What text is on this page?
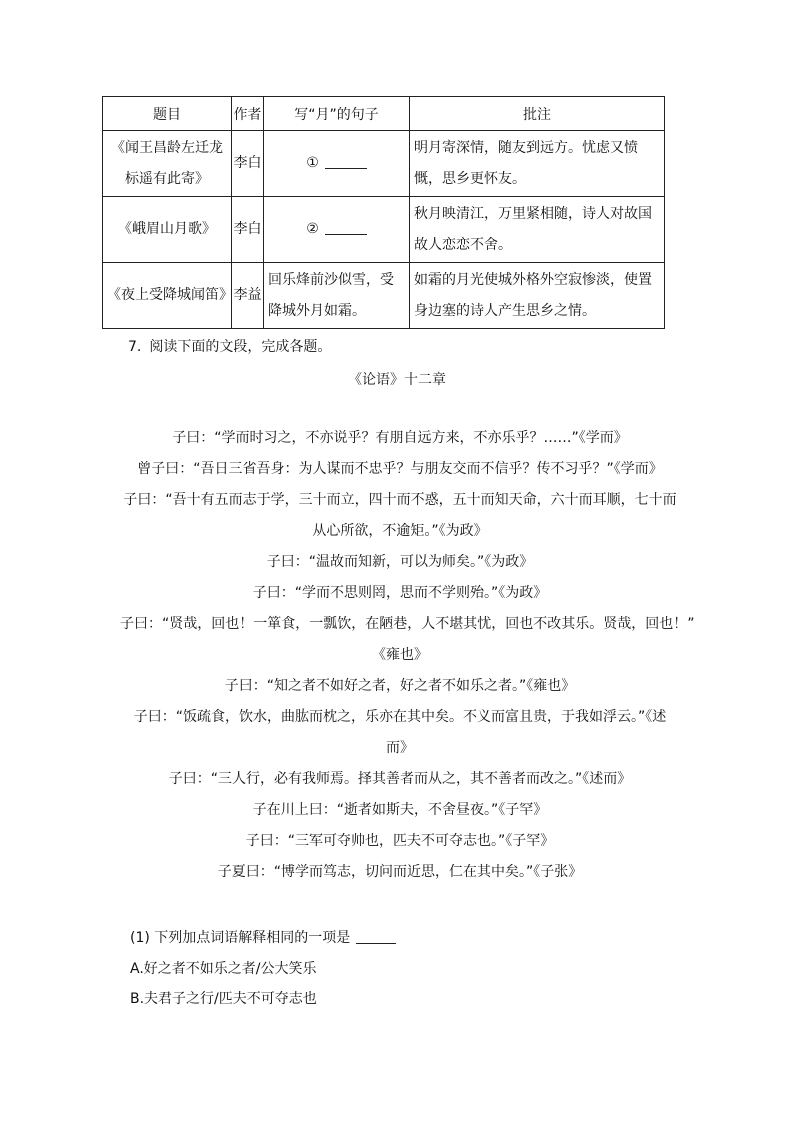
题目	作者	写“月”的句子	批注
《闻王昌龄左迁龙标遥有此寄》	李白	①	明月寄深情，随友到远方。忧虑又愤慨，思乡更怀友。
《峨眉山月歌》	李白	②	秋月映清江，万里紧相随，诗人对故国故人恋恋不舍。
《夜上受降城闻笛》	李益	回乐烽前沙似雪，受降城外月如霜。	如霜的月光使城外格外空寂惨淡，使置身边塞的诗人产生思乡之情。
7. 阅读下面的文段，完成各题。
《论语》十二章
子曰：“学而时习之，不亦说乎？有朋自远方来，不亦乐乎？……”《学而》
曾子曰：“吾日三省吾身：为人谋而不忠乎？与朋友交而不信乎？传不习乎？”《学而》
子曰：“吾十有五而志于学，三十而立，四十而不惑，五十而知天命，六十而耳顺，七十而
从心所欲，不逾矩。”《为政》
子曰：“温故而知新，可以为师矣。”《为政》
子曰：“学而不思则罔，思而不学则殆。”《为政》
子曰：“贤哉，回也！一箪食，一瓢饮，在陋巷，人不堪其忧，回也不改其乐。贤哉，回也！”
《雍也》
子曰：“知之者不如好之者，好之者不如乐之者。”《雍也》
子曰：“饭疏食，饮水，曲肱而枕之，乐亦在其中矣。不义而富且贵，于我如浮云。”《述
而》
子曰：“三人行，必有我师焉。择其善者而从之，其不善者而改之。”《述而》
子在川上曰：“逝者如斯夫，不舍昼夜。”《子罕》
子曰：“三军可夺帅也，匹夫不可夺志也。”《子罕》
子夏曰：“博学而笃志，切问而近思，仁在其中矣。”《子张》
(1) 下列加点词语解释相同的一项是
A.好之者不如乐之者/公大笑乐
B.夫君子之行/匹夫不可夺志也
